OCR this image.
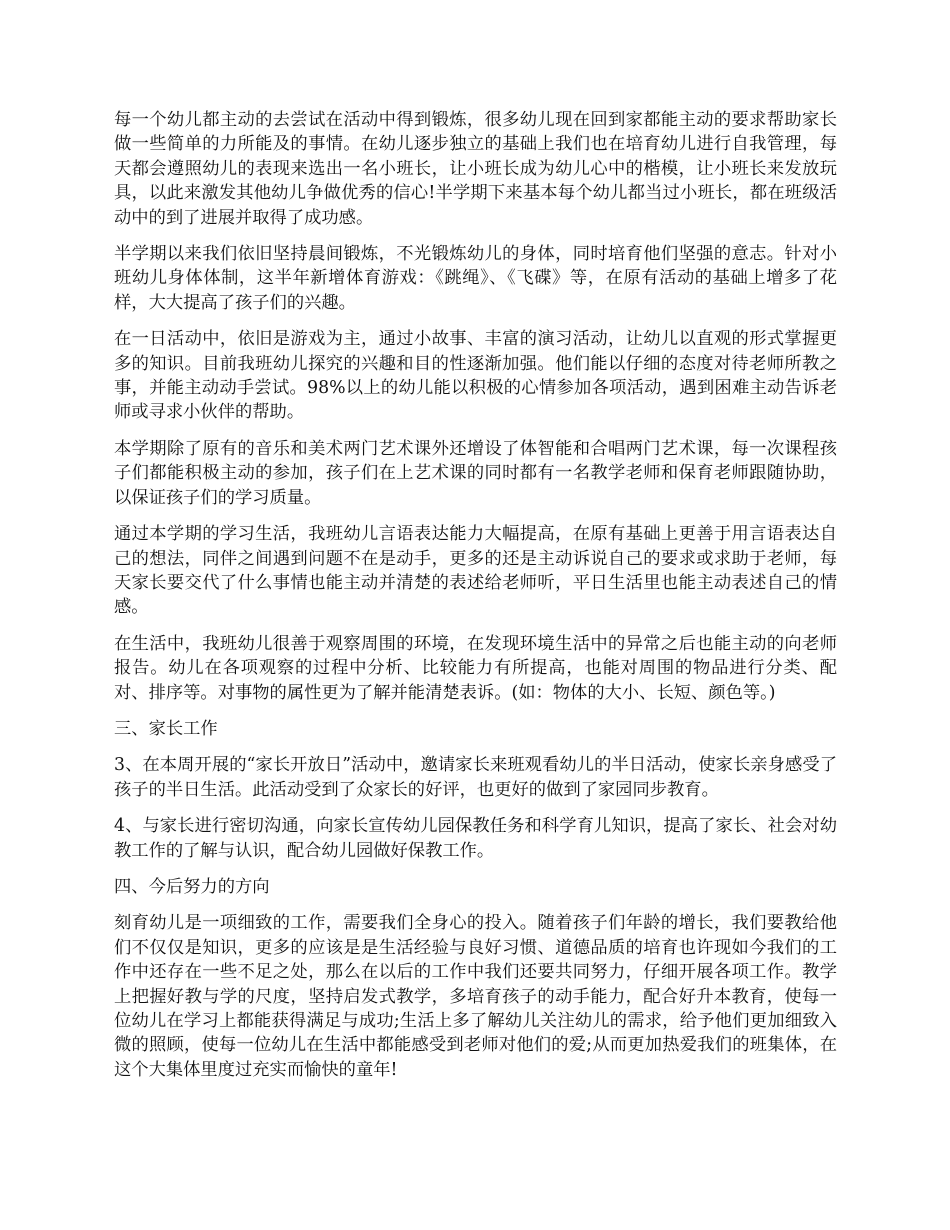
每一个幼儿都主动的去尝试在活动中得到锻炼，很多幼儿现在回到家都能主动的要求帮助家长做一些简单的力所能及的事情。在幼儿逐步独立的基础上我们也在培育幼儿进行自我管理，每天都会遵照幼儿的表现来选出一名小班长，让小班长成为幼儿心中的楷模，让小班长来发放玩具，以此来激发其他幼儿争做优秀的信心!半学期下来基本每个幼儿都当过小班长，都在班级活动中的到了进展并取得了成功感。

半学期以来我们依旧坚持晨间锻炼，不光锻炼幼儿的身体，同时培育他们坚强的意志。针对小班幼儿身体体制，这半年新增体育游戏：《跳绳》、《飞碟》等，在原有活动的基础上增多了花样，大大提高了孩子们的兴趣。

在一日活动中，依旧是游戏为主，通过小故事、丰富的演习活动，让幼儿以直观的形式掌握更多的知识。目前我班幼儿探究的兴趣和目的性逐渐加强。他们能以仔细的态度对待老师所教之事，并能主动动手尝试。98%以上的幼儿能以积极的心情参加各项活动，遇到困难主动告诉老师或寻求小伙伴的帮助。

本学期除了原有的音乐和美术两门艺术课外还增设了体智能和合唱两门艺术课，每一次课程孩子们都能积极主动的参加，孩子们在上艺术课的同时都有一名教学老师和保育老师跟随协助，以保证孩子们的学习质量。

通过本学期的学习生活，我班幼儿言语表达能力大幅提高，在原有基础上更善于用言语表达自己的想法，同伴之间遇到问题不在是动手，更多的还是主动诉说自己的要求或求助于老师，每天家长要交代了什么事情也能主动并清楚的表述给老师听，平日生活里也能主动表述自己的情感。

在生活中，我班幼儿很善于观察周围的环境，在发现环境生活中的异常之后也能主动的向老师报告。幼儿在各项观察的过程中分析、比较能力有所提高，也能对周围的物品进行分类、配对、排序等。对事物的属性更为了解并能清楚表诉。(如：物体的大小、长短、颜色等。)

三、家长工作

3、在本周开展的“家长开放日”活动中，邀请家长来班观看幼儿的半日活动，使家长亲身感受了孩子的半日生活。此活动受到了众家长的好评，也更好的做到了家园同步教育。

4、与家长进行密切沟通，向家长宣传幼儿园保教任务和科学育儿知识，提高了家长、社会对幼教工作的了解与认识，配合幼儿园做好保教工作。

四、今后努力的方向

刻育幼儿是一项细致的工作，需要我们全身心的投入。随着孩子们年龄的增长，我们要教给他们不仅仅是知识，更多的应该是是生活经验与良好习惯、道德品质的培育也许现如今我们的工作中还存在一些不足之处，那么在以后的工作中我们还要共同努力，仔细开展各项工作。教学上把握好教与学的尺度，坚持启发式教学，多培育孩子的动手能力，配合好升本教育，使每一位幼儿在学习上都能获得满足与成功;生活上多了解幼儿关注幼儿的需求，给予他们更加细致入微的照顾，使每一位幼儿在生活中都能感受到老师对他们的爱;从而更加热爱我们的班集体，在这个大集体里度过充实而愉快的童年!
